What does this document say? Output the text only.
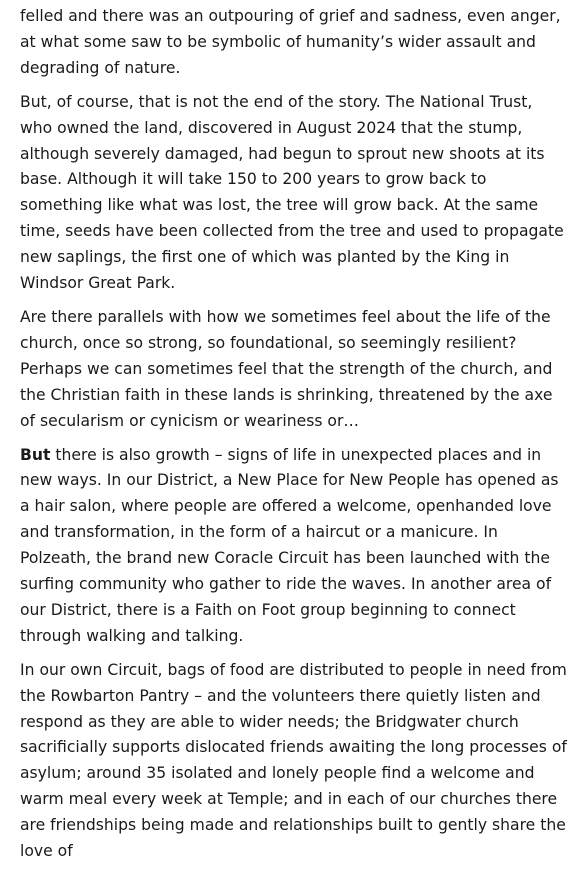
felled and there was an outpouring of grief and sadness, even anger, at what some saw to be symbolic of humanity’s wider assault and degrading of nature.

But, of course, that is not the end of the story. The National Trust, who owned the land, discovered in August 2024 that the stump, although severely damaged, had begun to sprout new shoots at its base. Although it will take 150 to 200 years to grow back to something like what was lost, the tree will grow back. At the same time, seeds have been collected from the tree and used to propagate new saplings, the first one of which was planted by the King in Windsor Great Park.

Are there parallels with how we sometimes feel about the life of the church, once so strong, so foundational, so seemingly resilient? Perhaps we can sometimes feel that the strength of the church, and the Christian faith in these lands is shrinking, threatened by the axe of secularism or cynicism or weariness or…

But there is also growth – signs of life in unexpected places and in new ways. In our District, a New Place for New People has opened as a hair salon, where people are offered a welcome, openhanded love and transformation, in the form of a haircut or a manicure. In Polzeath, the brand new Coracle Circuit has been launched with the surfing community who gather to ride the waves. In another area of our District, there is a Faith on Foot group beginning to connect through walking and talking.

In our own Circuit, bags of food are distributed to people in need from the Rowbarton Pantry – and the volunteers there quietly listen and respond as they are able to wider needs; the Bridgwater church sacrificially supports dislocated friends awaiting the long processes of asylum; around 35 isolated and lonely people find a welcome and warm meal every week at Temple; and in each of our churches there are friendships being made and relationships built to gently share the love of
